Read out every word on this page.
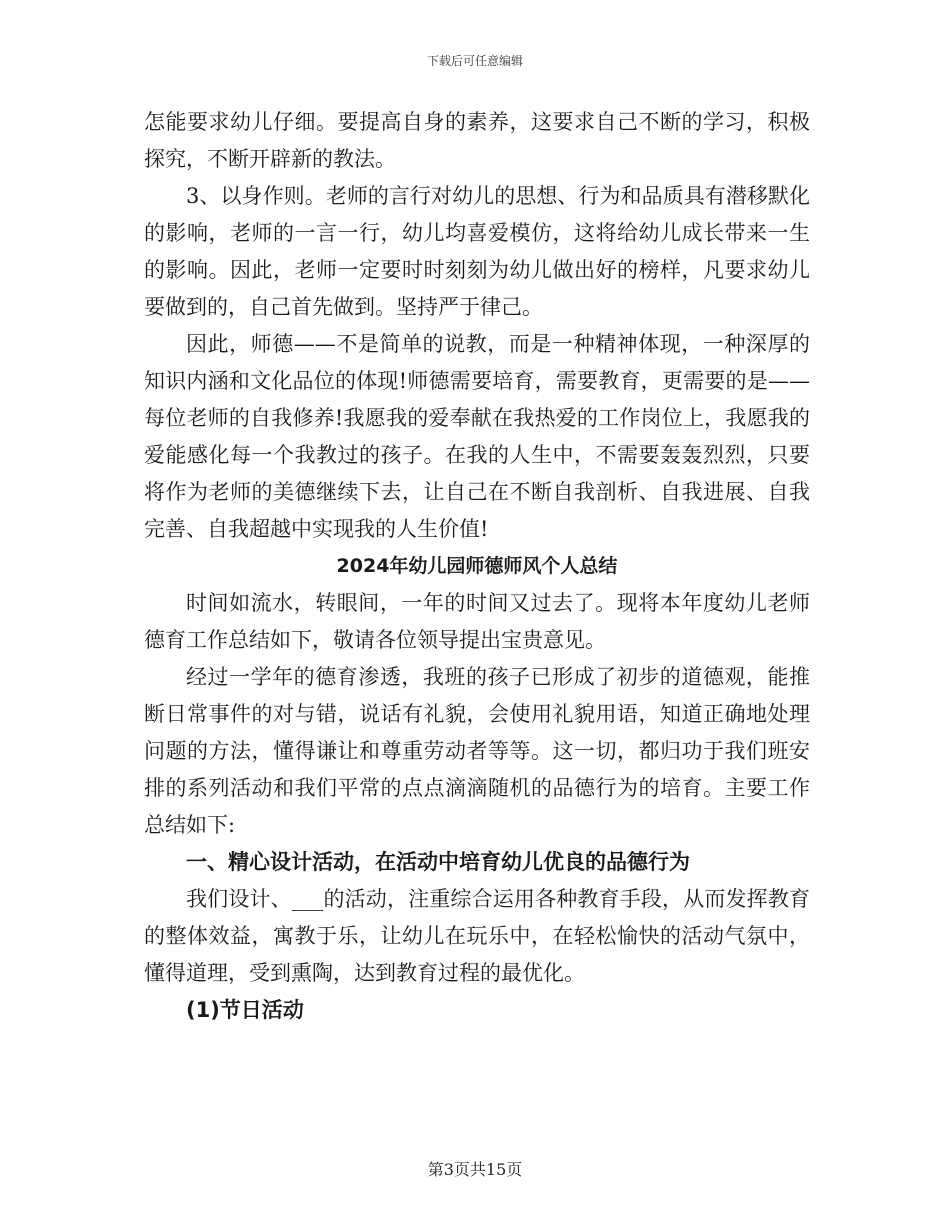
下载后可任意编辑

怎能要求幼儿仔细。要提高自身的素养，这要求自己不断的学习，积极探究，不断开辟新的教法。

3、以身作则。老师的言行对幼儿的思想、行为和品质具有潜移默化的影响，老师的一言一行，幼儿均喜爱模仿，这将给幼儿成长带来一生的影响。因此，老师一定要时时刻刻为幼儿做出好的榜样，凡要求幼儿要做到的，自己首先做到。坚持严于律己。

因此，师德——不是简单的说教，而是一种精神体现，一种深厚的知识内涵和文化品位的体现!师德需要培育，需要教育，更需要的是——每位老师的自我修养!我愿我的爱奉献在我热爱的工作岗位上，我愿我的爱能感化每一个我教过的孩子。在我的人生中，不需要轰轰烈烈，只要将作为老师的美德继续下去，让自己在不断自我剖析、自我进展、自我完善、自我超越中实现我的人生价值!

2024年幼儿园师德师风个人总结

时间如流水，转眼间，一年的时间又过去了。现将本年度幼儿老师德育工作总结如下，敬请各位领导提出宝贵意见。

经过一学年的德育渗透，我班的孩子已形成了初步的道德观，能推断日常事件的对与错，说话有礼貌，会使用礼貌用语，知道正确地处理问题的方法，懂得谦让和尊重劳动者等等。这一切，都归功于我们班安排的系列活动和我们平常的点点滴滴随机的品德行为的培育。主要工作总结如下:

一、精心设计活动，在活动中培育幼儿优良的品德行为

我们设计、___的活动，注重综合运用各种教育手段，从而发挥教育的整体效益，寓教于乐，让幼儿在玩乐中，在轻松愉快的活动气氛中，懂得道理，受到熏陶，达到教育过程的最优化。

(1)节日活动

第3页共15页
